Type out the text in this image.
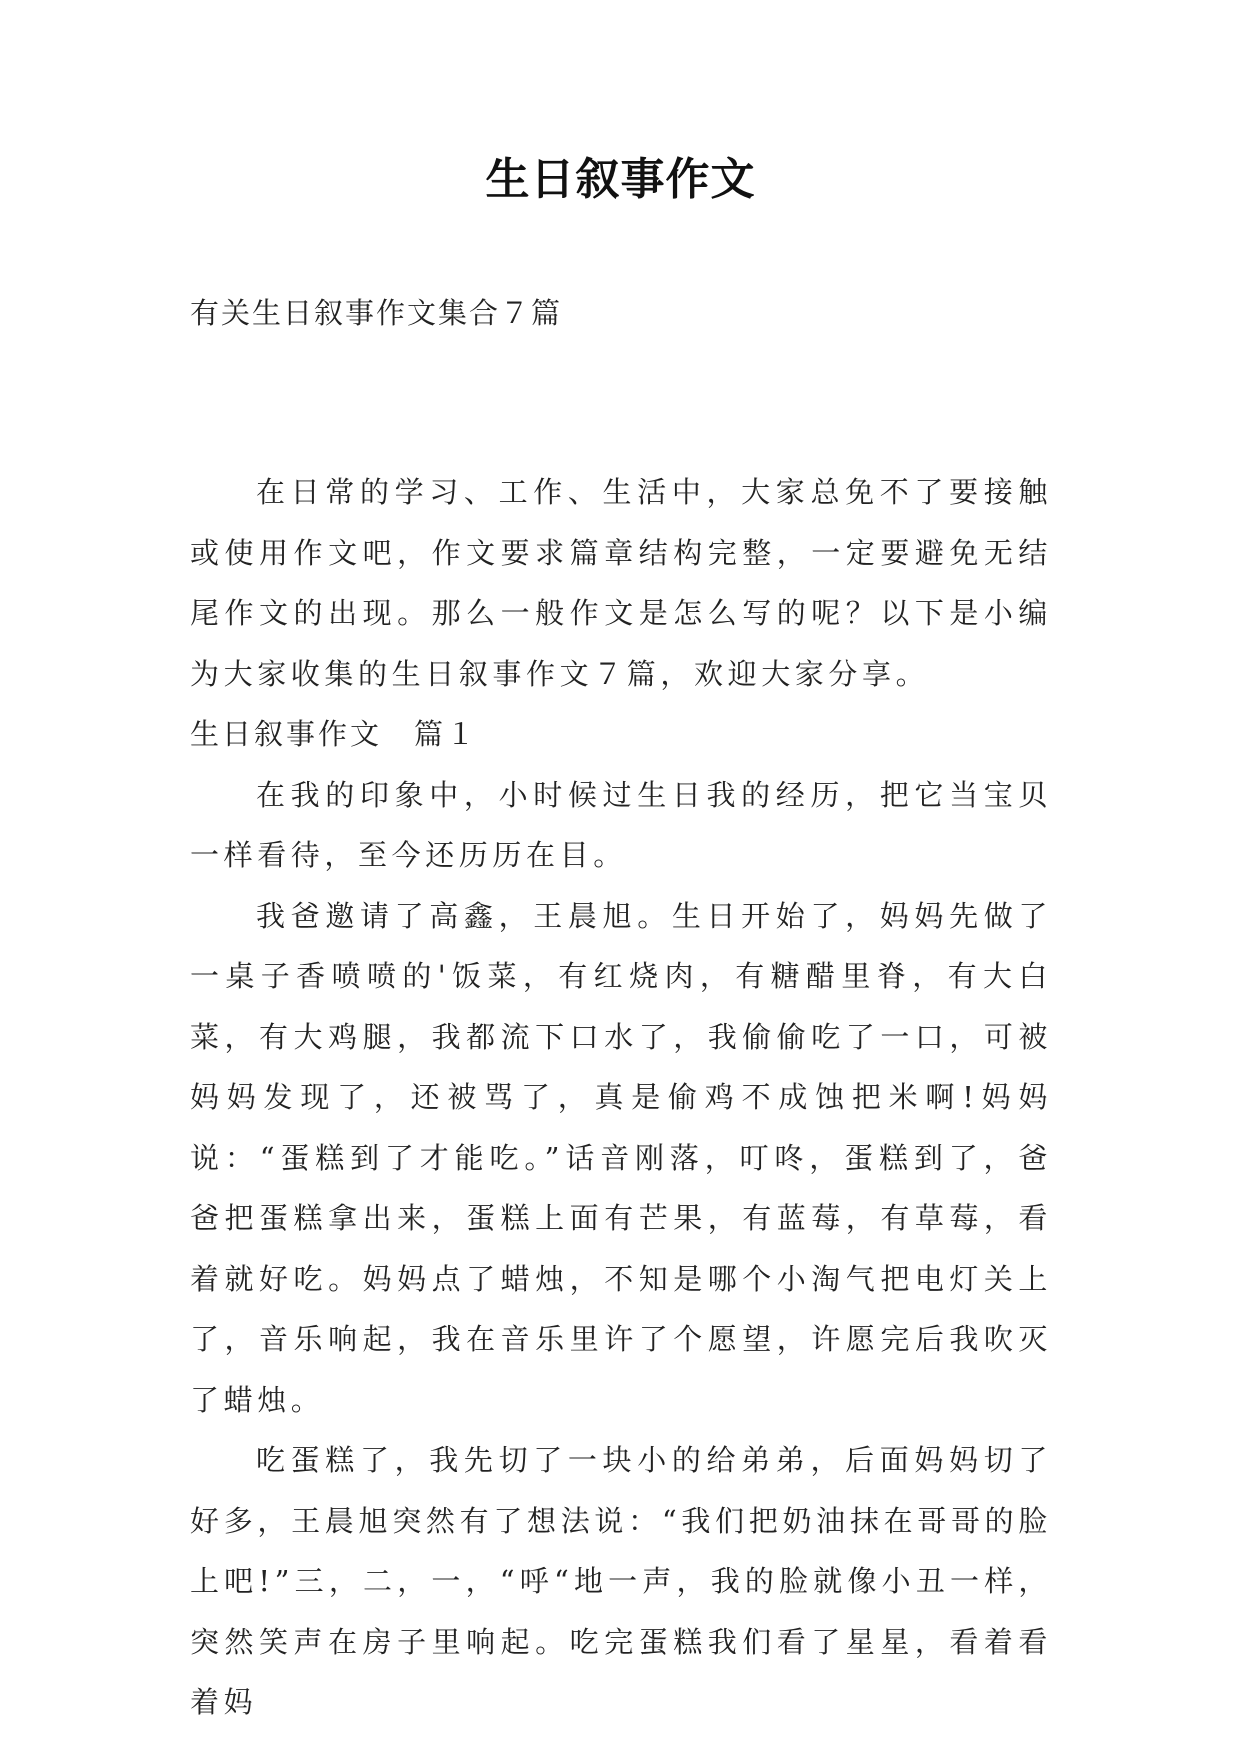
生日叙事作文
有关生日叙事作文集合７篇

在日常的学习、工作、生活中，大家总免不了要接触或使用作文吧，作文要求篇章结构完整，一定要避免无结尾作文的出现。那么一般作文是怎么写的呢？以下是小编为大家收集的生日叙事作文７篇，欢迎大家分享。

生日叙事作文　篇１

在我的印象中，小时候过生日我的经历，把它当宝贝一样看待，至今还历历在目。

我爸邀请了高鑫，王晨旭。生日开始了，妈妈先做了一桌子香喷喷的'饭菜，有红烧肉，有糖醋里脊，有大白菜，有大鸡腿，我都流下口水了，我偷偷吃了一口，可被妈妈发现了，还被骂了，真是偷鸡不成蚀把米啊!妈妈说：“蛋糕到了才能吃。”话音刚落，叮咚，蛋糕到了，爸爸把蛋糕拿出来，蛋糕上面有芒果，有蓝莓，有草莓，看着就好吃。妈妈点了蜡烛，不知是哪个小淘气把电灯关上了，音乐响起，我在音乐里许了个愿望，许愿完后我吹灭了蜡烛。

吃蛋糕了，我先切了一块小的给弟弟，后面妈妈切了好多，王晨旭突然有了想法说：“我们把奶油抹在哥哥的脸上吧!”三，二，一，“呼“地一声，我的脸就像小丑一样，突然笑声在房子里响起。吃完蛋糕我们看了星星，看着看着妈
